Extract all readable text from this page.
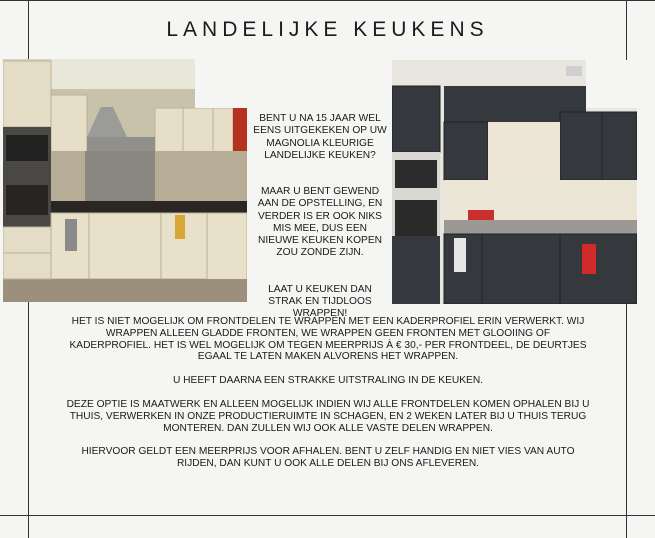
LANDELIJKE KEUKENS

BENT U NA 15 JAAR WEL EENS UITGEKEKEN OP UW MAGNOLIA KLEURIGE LANDELIJKE KEUKEN?

MAAR U BENT GEWEND AAN DE OPSTELLING, EN VERDER IS ER OOK NIKS MIS MEE, DUS EEN NIEUWE KEUKEN KOPEN ZOU ZONDE ZIJN.

LAAT U KEUKEN DAN STRAK EN TIJDLOOS WRAPPEN!

HET IS NIET MOGELIJK OM FRONTDELEN TE WRAPPEN MET EEN KADERPROFIEL ERIN VERWERKT. WIJ WRAPPEN ALLEEN GLADDE FRONTEN, WE WRAPPEN GEEN FRONTEN MET GLOOIING OF KADERPROFIEL. HET IS WEL MOGELIJK OM TEGEN MEERPRIJS À € 30,- PER FRONTDEEL, DE DEURTJES EGAAL TE LATEN MAKEN ALVORENS HET WRAPPEN.

U HEEFT DAARNA EEN STRAKKE UITSTRALING IN DE KEUKEN.

DEZE OPTIE IS MAATWERK EN ALLEEN MOGELIJK INDIEN WIJ ALLE FRONTDELEN KOMEN OPHALEN BIJ U THUIS, VERWERKEN IN ONZE PRODUCTIERUIMTE IN SCHAGEN, EN 2 WEKEN LATER BIJ U THUIS TERUG MONTEREN. DAN ZULLEN WIJ OOK ALLE VASTE DELEN WRAPPEN.

HIERVOOR GELDT EEN MEERPRIJS VOOR AFHALEN. BENT U ZELF HANDIG EN NIET VIES VAN AUTO RIJDEN, DAN KUNT U OOK ALLE DELEN BIJ ONS AFLEVEREN.
